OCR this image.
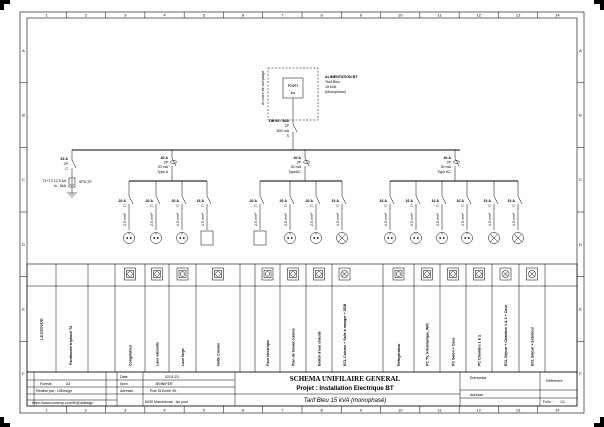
1
1
2
2
3
3
4
4
5
5
6
6
7
7
8
8
9
9
10
10
11
11
12
12
13
13
14
14
A	A
B	B
C	C
D	D
E	E
F	F
Armoire de comptage	KwH
kw
ALIMENTATION BT
Tarif Bleu
15 kVA
(Monophasé)
DB 60 / 30A
2P
500 mA
S
63 A
2P
C
T1+T2 12,5 kA
In : 5kA
SPD 2P
40 A
2P
30 mA
Type A
40 A
2P
30 mA
TypeAC
40 A
2P
30 mA
Type AC
20 A
C
2.5 mm²
20 A
C
2.5 mm²
20 A
C
2.5 mm²
16 A
C
1.5 mm²
20 A
C
2.5 mm²
20 A
C
2.5 mm²
20 A
C
2.5 mm²
10 A
C
1.5 mm²
16 A
C
2.5 mm²
16 A
C
2.5 mm²
16 A
C
2.5 mm²
16 A
C
2.5 mm²
10 A
C
1.5 mm²
10 A
C
1.5 mm²
LEGENDE	Parafoudre triphasé T2	Congélateur	Lave vaisselle	Lave linge	Hotte Cuisine	Four électrique	Plan de travail cuisine	Ballon d'eau chaude	ECL Cuisine + Salle à manger + SDB	Réfrigérateur	PC TV, Informatique, Wifi	PC Salon + Cave	PC Chambre 1 & 2	ECL Séjour + Chambre 1 & 2 + Cave	ECL Séjour + Extérieur
Format :	A3
Réalisé par : UfDesign
https://www.comeup.com/fr/@ufdesign
Date	02/11/23
Nom	JENNIFER
Adresse :	Rue St Emile 49,
6030 Marchienne - Au pont
SCHEMA UNIFILAIRE GENERAL
Projet : Installation Electrique BT
Tarif Bleu 15 kVA (monophasé)
Entreprise
Référence
Adresse
Folio : 1/1
